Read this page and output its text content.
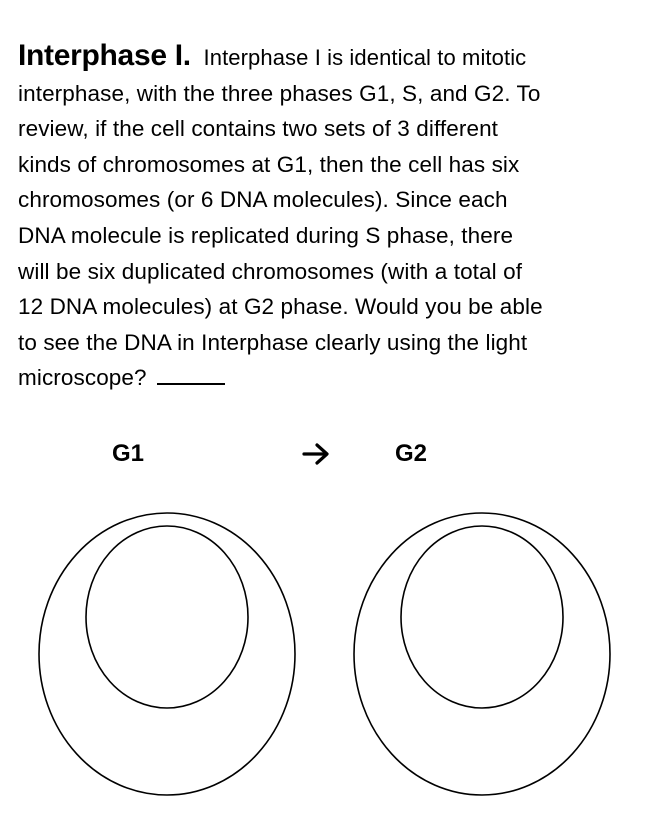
Interphase I. Interphase I is identical to mitotic
interphase, with the three phases G1, S, and G2. To
review, if the cell contains two sets of 3 different
kinds of chromosomes at G1, then the cell has six
chromosomes (or 6 DNA molecules). Since each
DNA molecule is replicated during S phase, there
will be six duplicated chromosomes (with a total of
12 DNA molecules) at G2 phase. Would you be able
to see the DNA in Interphase clearly using the light
microscope?
G1	G2
